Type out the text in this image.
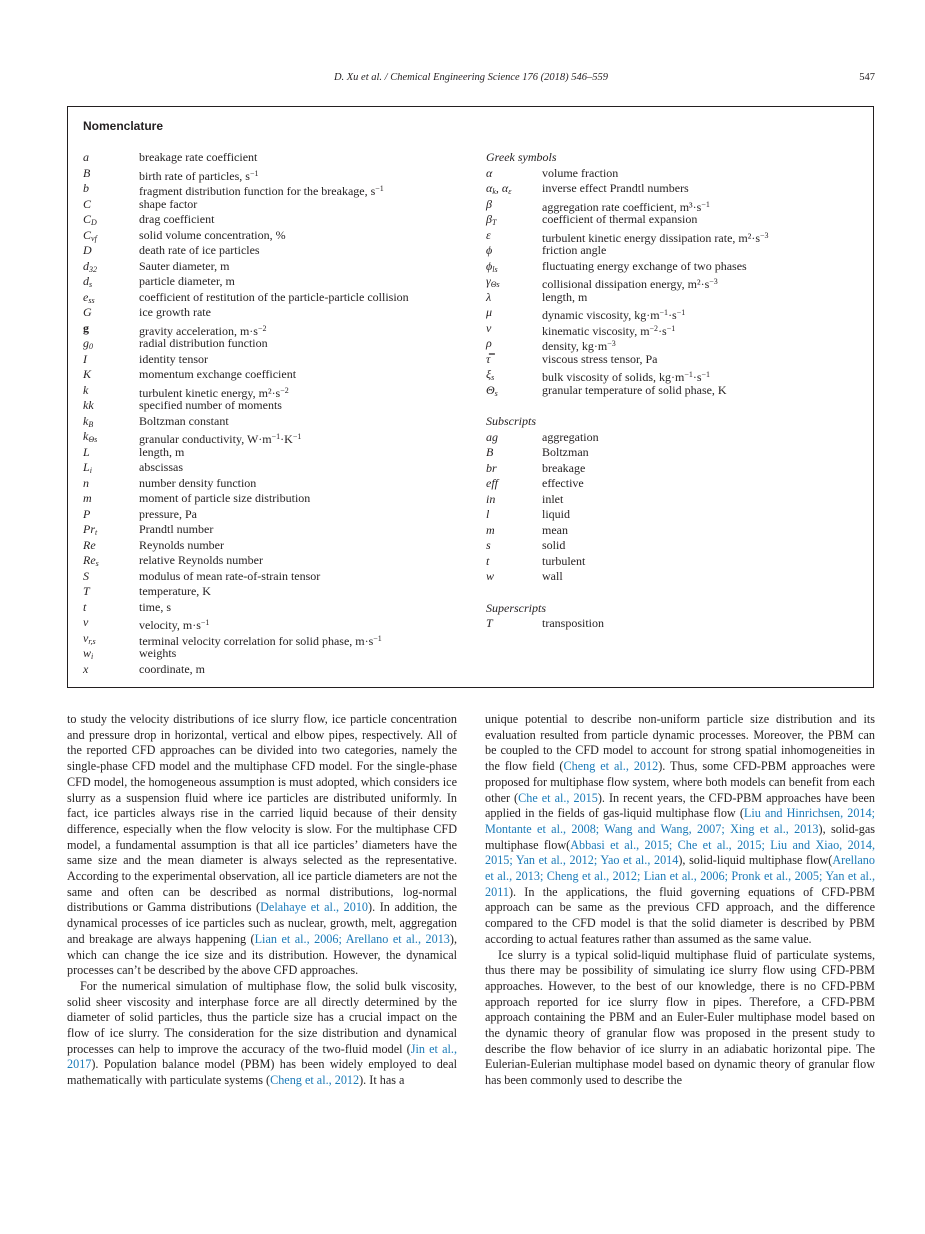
D. Xu et al. / Chemical Engineering Science 176 (2018) 546–559	547
Nomenclature
a	breakage rate coefficient
B	birth rate of particles, $s^{-1}$
b	fragment distribution function for the breakage, $s^{-1}$
C	shape factor
$C_D$	drag coefficient
$C_{vf}$	solid volume concentration, %
D	death rate of ice particles
$d_{32}$	Sauter diameter, m
$d_s$	particle diameter, m
$e_{ss}$	coefficient of restitution of the particle-particle collision
G	ice growth rate
g	gravity acceleration, $m\cdot s^{-2}$
$g_0$	radial distribution function
I	identity tensor
K	momentum exchange coefficient
k	turbulent kinetic energy, $m^2\cdot s^{-2}$
kk	specified number of moments
$k_B$	Boltzman constant
$k_{\Theta s}$	granular conductivity, $W\cdot m^{-1}\cdot K^{-1}$
L	length, m
$L_i$	abscissas
n	number density function
m	moment of particle size distribution
P	pressure, Pa
$Pr_t$	Prandtl number
Re	Reynolds number
$Re_s$	relative Reynolds number
S	modulus of mean rate-of-strain tensor
T	temperature, K
t	time, s
v⃗	velocity, $m\cdot s^{-1}$
$v_{r,s}$	terminal velocity correlation for solid phase, $m\cdot s^{-1}$
$w_i$	weights
x⃗	coordinate, m
Greek symbols
α	volume fraction
$\alpha_k$, $\alpha_\varepsilon$	inverse effect Prandtl numbers
β	aggregation rate coefficient, $m^3\cdot s^{-1}$
$\beta_T$	coefficient of thermal expansion
ε	turbulent kinetic energy dissipation rate, $m^2\cdot s^{-3}$
ϕ	friction angle
$\phi_{ls}$	fluctuating energy exchange of two phases
$\gamma_{\Theta s}$	collisional dissipation energy, $m^2\cdot s^{-3}$
λ	length, m
μ	dynamic viscosity, $kg\cdot m^{-1}\cdot s^{-1}$
ν	kinematic viscosity, $m^{-2}\cdot s^{-1}$
ρ	density, $kg\cdot m^{-3}$
τ̿	viscous stress tensor, Pa
$\xi_s$	bulk viscosity of solids, $kg\cdot m^{-1}\cdot s^{-1}$
$\Theta_s$	granular temperature of solid phase, K
Subscripts
ag	aggregation
B	Boltzman
br	breakage
eff	effective
in	inlet
l	liquid
m	mean
s	solid
t	turbulent
w	wall
Superscripts
T	transposition

to study the velocity distributions of ice slurry flow, ice particle concentration and pressure drop in horizontal, vertical and elbow pipes, respectively. All of the reported CFD approaches can be divided into two categories, namely the single-phase CFD model and the multiphase CFD model. For the single-phase CFD model, the homogeneous assumption is must adopted, which considers ice slurry as a suspension fluid where ice particles are distributed uniformly. In fact, ice particles always rise in the carried liquid because of their density difference, especially when the flow velocity is slow. For the multiphase CFD model, a fundamental assumption is that all ice particles’ diameters have the same size and the mean diameter is always selected as the representative. According to the experimental observation, all ice particle diameters are not the same and often can be described as normal distributions, log-normal distributions or Gamma distributions (Delahaye et al., 2010). In addition, the dynamical processes of ice particles such as nuclear, growth, melt, aggregation and breakage are always happening (Lian et al., 2006; Arellano et al., 2013), which can change the ice size and its distribution. However, the dynamical processes can’t be described by the above CFD approaches.

For the numerical simulation of multiphase flow, the solid bulk viscosity, solid sheer viscosity and interphase force are all directly determined by the diameter of solid particles, thus the particle size has a crucial impact on the flow of ice slurry. The consideration for the size distribution and dynamical processes can help to improve the accuracy of the two-fluid model (Jin et al., 2017). Population balance model (PBM) has been widely employed to deal mathematically with particulate systems (Cheng et al., 2012). It has a

unique potential to describe non-uniform particle size distribution and its evaluation resulted from particle dynamic processes. Moreover, the PBM can be coupled to the CFD model to account for strong spatial inhomogeneities in the flow field (Cheng et al., 2012). Thus, some CFD-PBM approaches were proposed for multiphase flow system, where both models can benefit from each other (Che et al., 2015). In recent years, the CFD-PBM approaches have been applied in the fields of gas-liquid multiphase flow (Liu and Hinrichsen, 2014; Montante et al., 2008; Wang and Wang, 2007; Xing et al., 2013), solid-gas multiphase flow(Abbasi et al., 2015; Che et al., 2015; Liu and Xiao, 2014, 2015; Yan et al., 2012; Yao et al., 2014), solid-liquid multiphase flow(Arellano et al., 2013; Cheng et al., 2012; Lian et al., 2006; Pronk et al., 2005; Yan et al., 2011). In the applications, the fluid governing equations of CFD-PBM approach can be same as the previous CFD approach, and the difference compared to the CFD model is that the solid diameter is described by PBM according to actual features rather than assumed as the same value.

Ice slurry is a typical solid-liquid multiphase fluid of particulate systems, thus there may be possibility of simulating ice slurry flow using CFD-PBM approaches. However, to the best of our knowledge, there is no CFD-PBM approach reported for ice slurry flow in pipes. Therefore, a CFD-PBM approach containing the PBM and an Euler-Euler multiphase model based on the dynamic theory of granular flow was proposed in the present study to describe the flow behavior of ice slurry in an adiabatic horizontal pipe. The Eulerian-Eulerian multiphase model based on dynamic theory of granular flow has been commonly used to describe the
